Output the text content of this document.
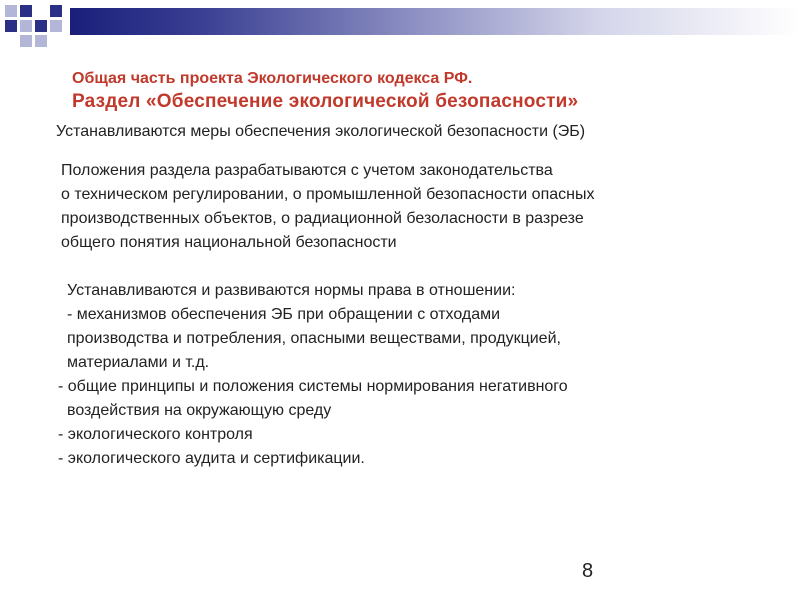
Общая часть проекта Экологического кодекса РФ.
Раздел «Обеспечение экологической безопасности»

Устанавливаются меры обеспечения экологической безопасности (ЭБ)

Положения раздела разрабатываются с учетом законодательства
о техническом регулировании, о промышленной безопасности опасных
производственных объектов, о радиационной безоласности в разрезе
общего понятия национальной безопасности
Устанавливаются и развиваются нормы права в отношении:
- механизмов обеспечения ЭБ при обращении с отходами
производства и потребления, опасными веществами, продукцией,
материалами и т.д.
- общие принципы и положения системы нормирования негативного
воздействия на окружающую среду
- экологического контроля
- экологического аудита и сертификации.
8
